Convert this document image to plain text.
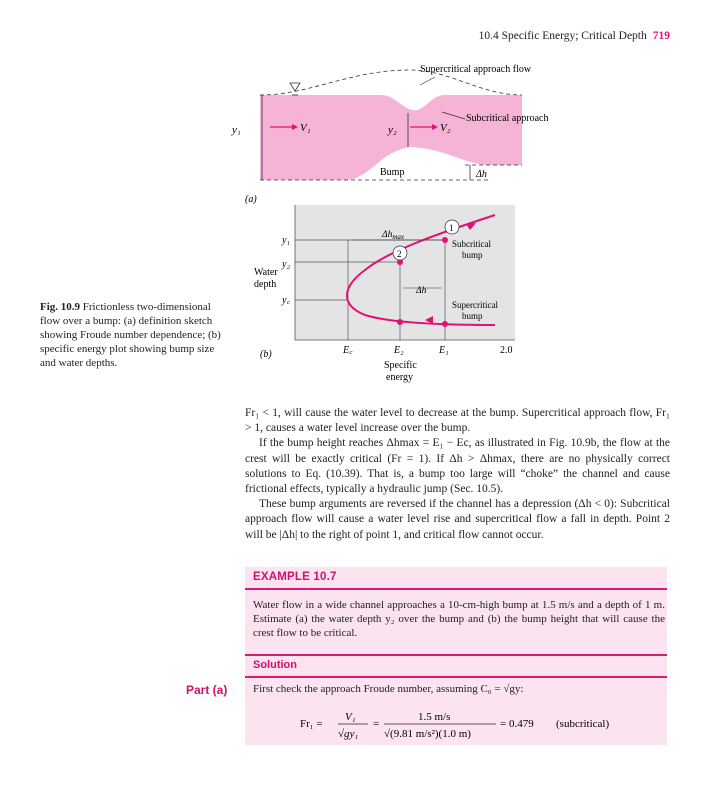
10.4 Specific Energy; Critical Depth 719
y₁	V₁	y₂	V₂
Bump	Δh
Supercritical approach flow
Subcritical approach
(a)
$\Delta h_{max}$
Δh
1
2
Subcritical
bump
Supercritical
bump
y₁
y₂
y꜀
Water
depth
E꜀	E₂	E₁	2.0
Specific
energy
(b)
Fig. 10.9 Frictionless two-dimensional flow over a bump: (a) definition sketch showing Froude number dependence; (b) specific energy plot showing bump size and water depths.

Fr₁ < 1, will cause the water level to decrease at the bump. Supercritical approach flow, Fr₁ > 1, causes a water level increase over the bump.

If the bump height reaches Δhmax = E₁ − Ec, as illustrated in Fig. 10.9b, the flow at the crest will be exactly critical (Fr = 1). If Δh > Δhmax, there are no physically correct solutions to Eq. (10.39). That is, a bump too large will “choke” the channel and cause frictional effects, typically a hydraulic jump (Sec. 10.5).

These bump arguments are reversed if the channel has a depression (Δh < 0): Subcritical approach flow will cause a water level rise and supercritical flow a fall in depth. Point 2 will be |Δh| to the right of point 1, and critical flow cannot occur.

EXAMPLE 10.7
Water flow in a wide channel approaches a 10-cm-high bump at 1.5 m/s and a depth of 1 m. Estimate (a) the water depth y₂ over the bump and (b) the bump height that will cause the crest flow to be critical.
Solution
Part (a) First check the approach Froude number, assuming C₀ = √gy:
Fr₁ =
V₁
√gy₁
=
1.5 m/s
√(9.81 m/s²)(1.0 m)
= 0.479 (subcritical)
